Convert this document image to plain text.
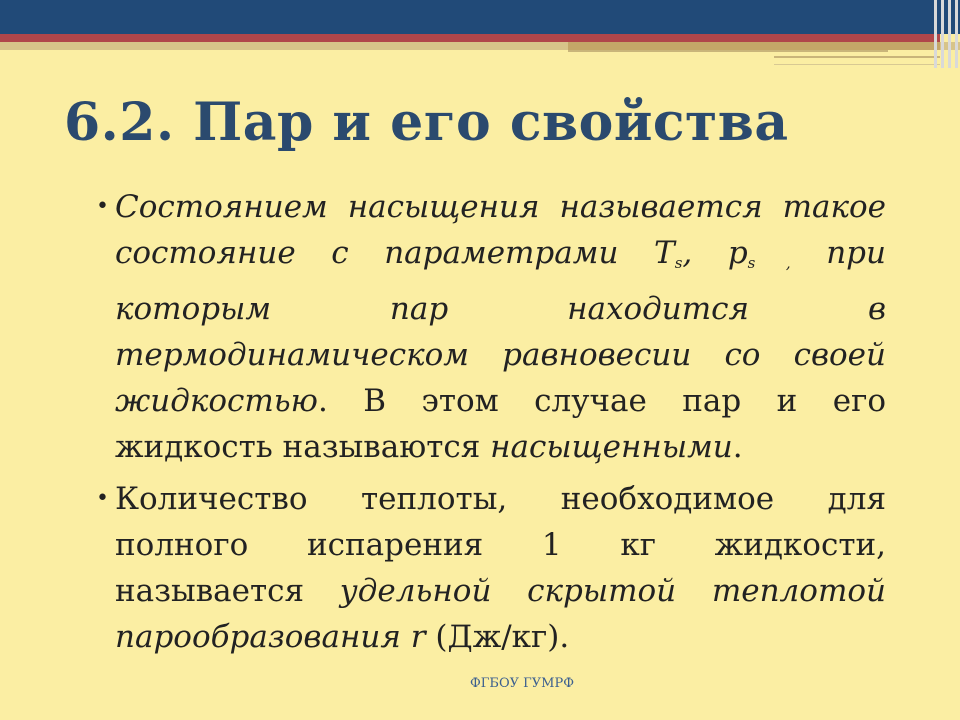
6.2. Пар и его свойства
• Состоянием насыщения называется такое состояние с параметрами $T_s$, $p_{s ,}$ при которым пар находится в термодинамическом равновесии со своей жидкостью. В этом случае пар и его жидкость называются насыщенными.
• Количество теплоты, необходимое для полного испарения 1 кг жидкости, называется удельной скрытой теплотой парообразования r (Дж/кг).
ФГБОУ ГУМРФ
